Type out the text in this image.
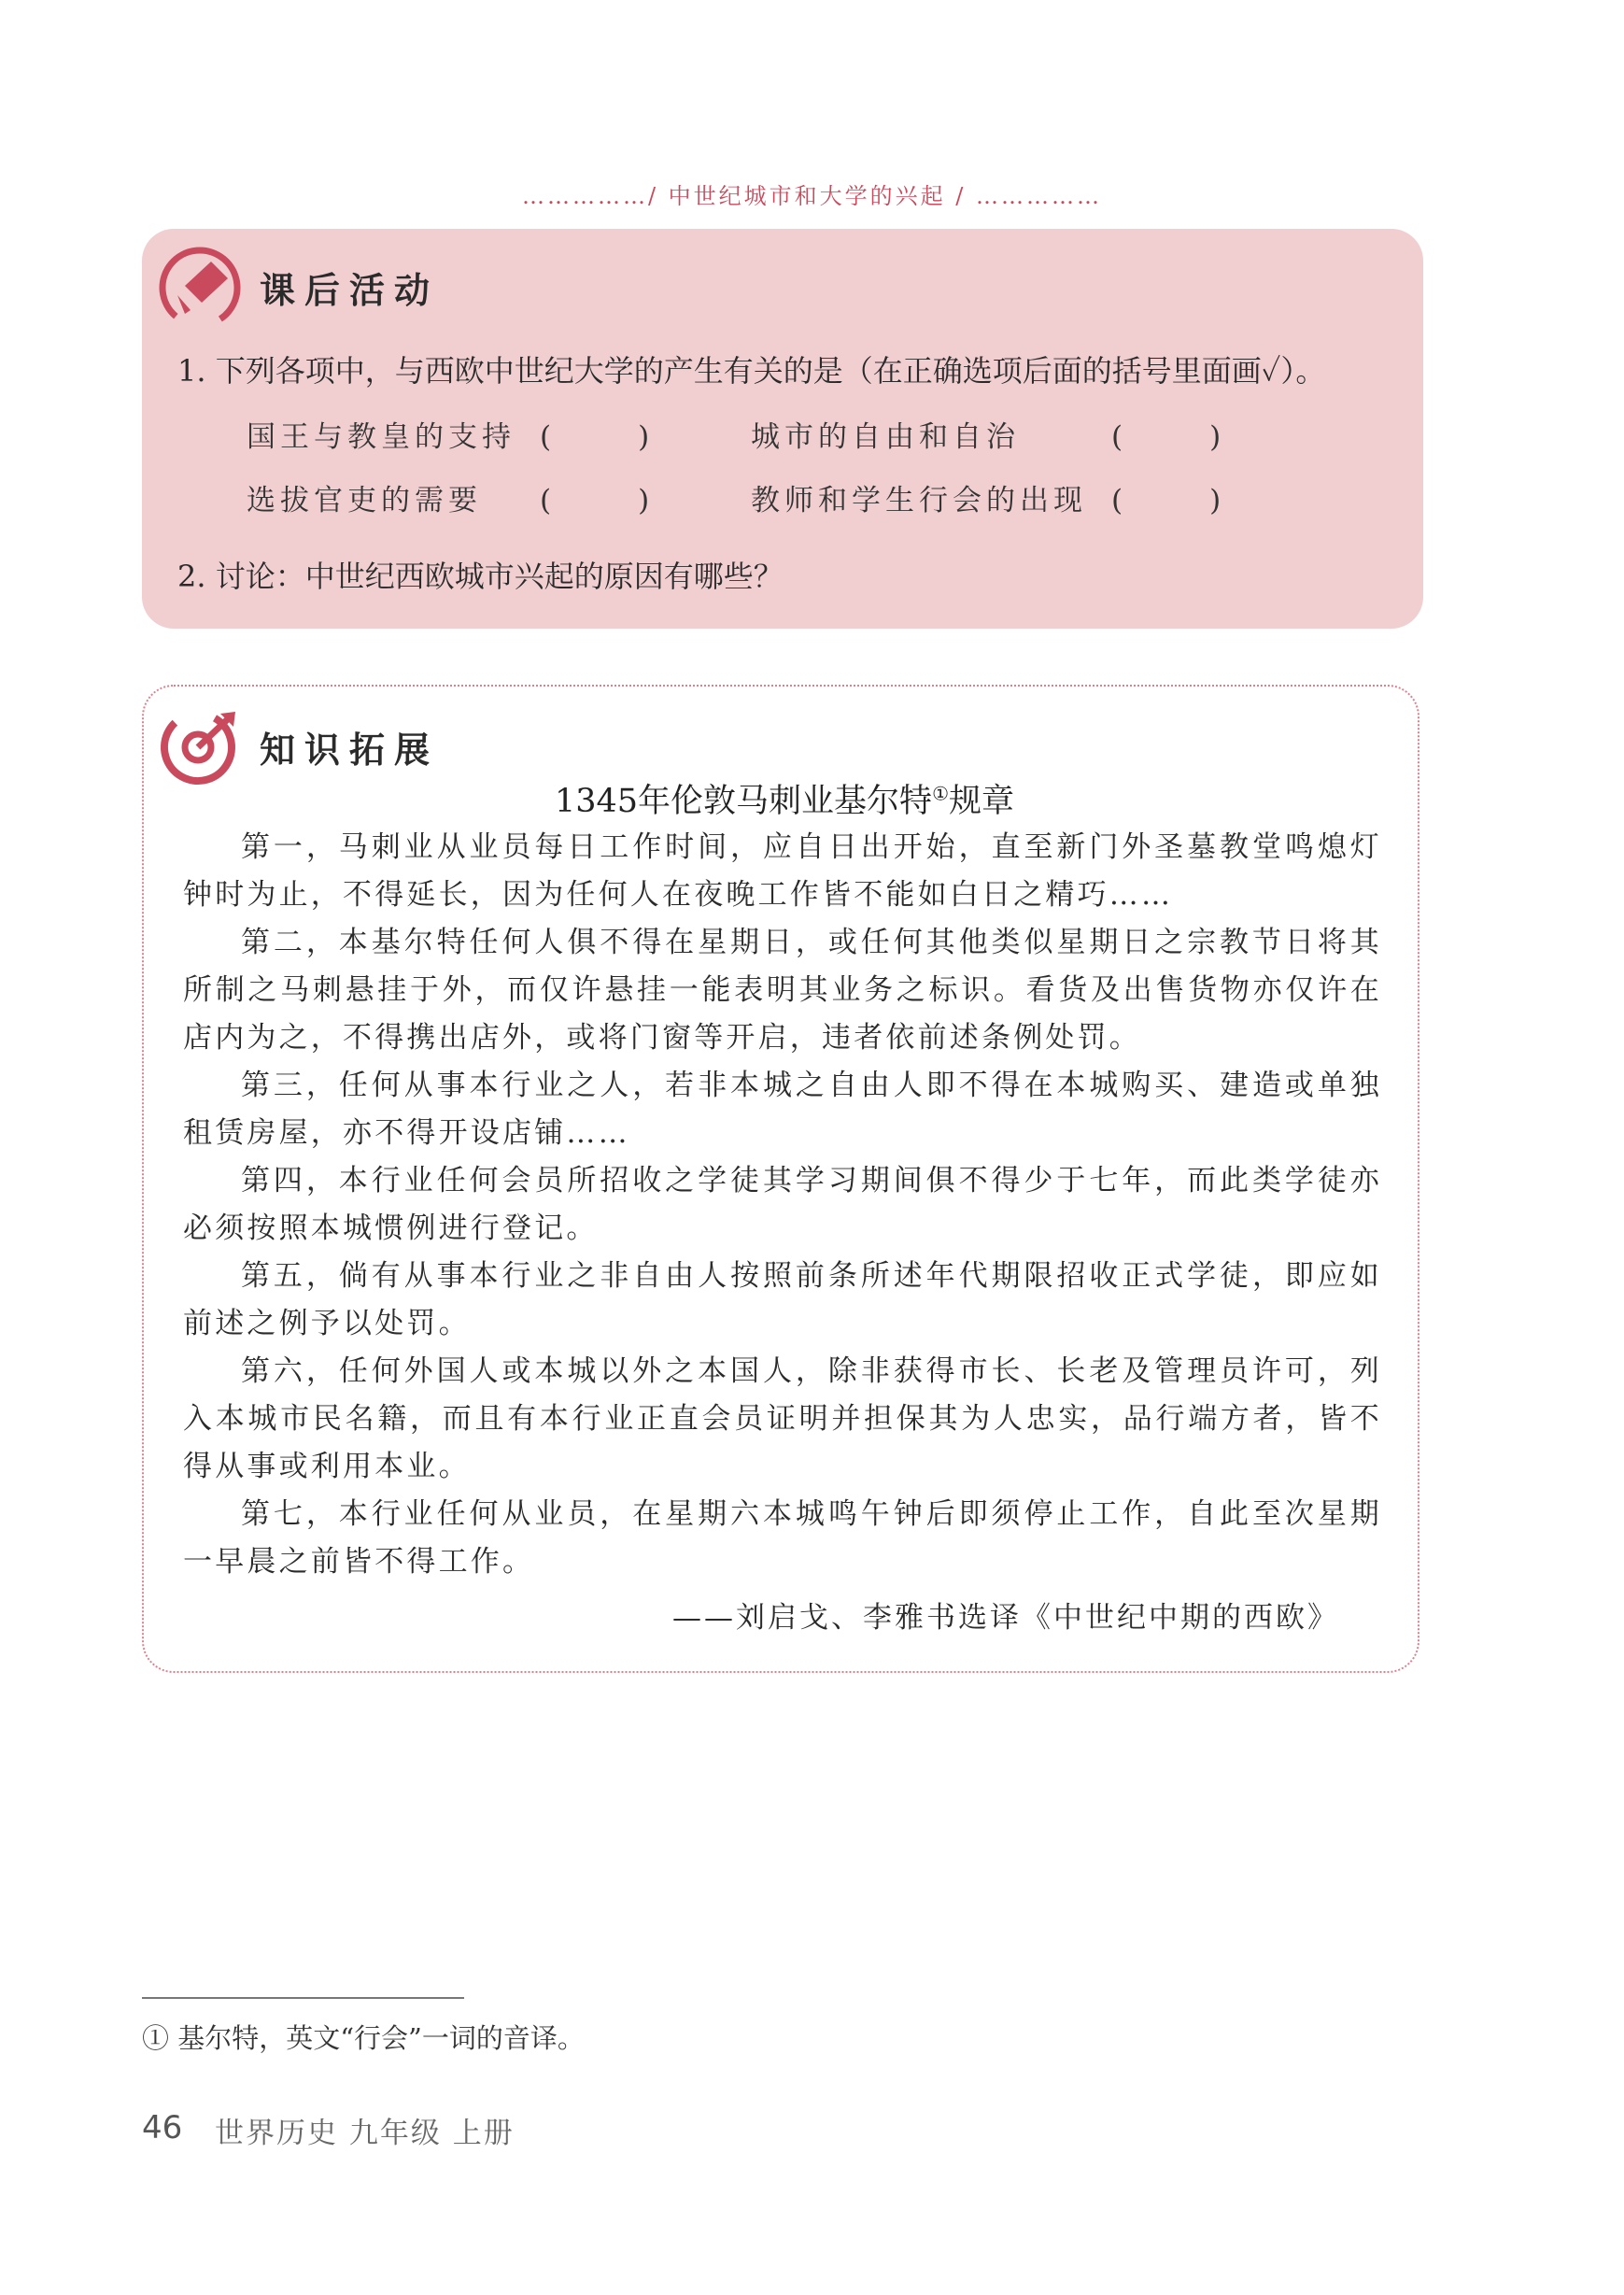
……………/ 中世纪城市和大学的兴起 / ……………
课后活动
1. 下列各项中，与西欧中世纪大学的产生有关的是（在正确选项后面的括号里面画✓）。
国王与教皇的支持 (　　　)	城市的自由和自治	(　　　)
选拔官吏的需要 (　　　)	教师和学生行会的出现 (　　　)
2. 讨论：中世纪西欧城市兴起的原因有哪些？
知识拓展
1345年伦敦马刺业基尔特①规章

第一，马刺业从业员每日工作时间，应自日出开始，直至新门外圣墓教堂鸣熄灯钟时为止，不得延长，因为任何人在夜晚工作皆不能如白日之精巧……

第二，本基尔特任何人俱不得在星期日，或任何其他类似星期日之宗教节日将其所制之马刺悬挂于外，而仅许悬挂一能表明其业务之标识。看货及出售货物亦仅许在店内为之，不得携出店外，或将门窗等开启，违者依前述条例处罚。

第三，任何从事本行业之人，若非本城之自由人即不得在本城购买、建造或单独租赁房屋，亦不得开设店铺……

第四，本行业任何会员所招收之学徒其学习期间俱不得少于七年，而此类学徒亦必须按照本城惯例进行登记。

第五，倘有从事本行业之非自由人按照前条所述年代期限招收正式学徒，即应如前述之例予以处罚。

第六，任何外国人或本城以外之本国人，除非获得市长、长老及管理员许可，列入本城市民名籍，而且有本行业正直会员证明并担保其为人忠实，品行端方者，皆不得从事或利用本业。

第七，本行业任何从业员，在星期六本城鸣午钟后即须停止工作，自此至次星期一早晨之前皆不得工作。

——刘启戈、李雅书选译《中世纪中期的西欧》
① 基尔特，英文“行会”一词的音译。
46 世界历史 九年级 上册
